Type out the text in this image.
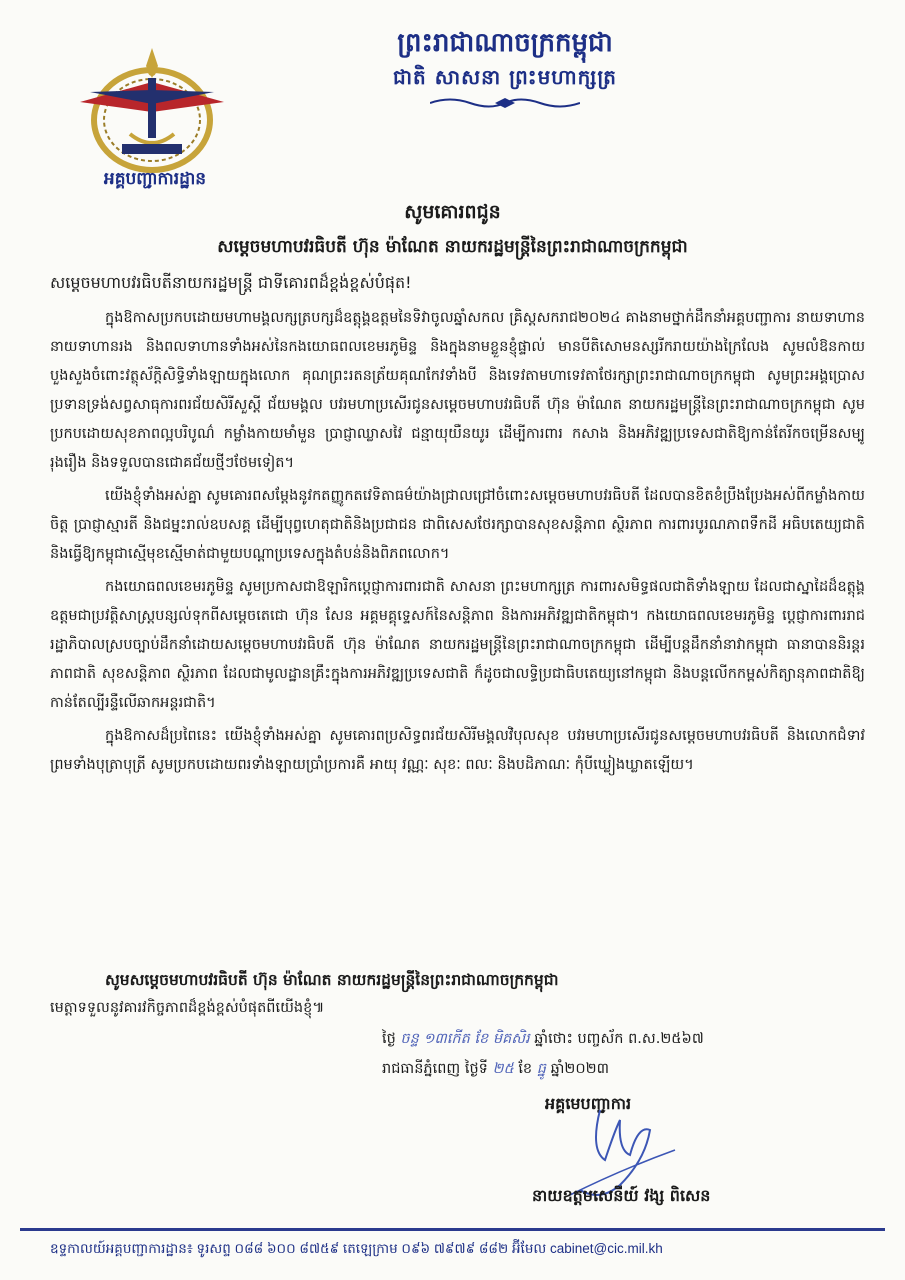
អគ្គបញ្ជាការដ្ឋាន
ព្រះរាជាណាចក្រកម្ពុជា
ជាតិ សាសនា ព្រះមហាក្សត្រ
សូមគោរពជូន
សម្តេចមហាបវរធិបតី ហ៊ុន ម៉ាណែត នាយករដ្ឋមន្ត្រីនៃព្រះរាជាណាចក្រកម្ពុជា
សម្តេចមហាបវរធិបតីនាយករដ្ឋមន្ត្រី ជាទីគោរពដ៏ខ្ពង់ខ្ពស់បំផុត!

ក្នុងឱកាសប្រកបដោយមហាមង្គលក្សត្របក្សដ៏ឧត្តុង្គឧត្តមនៃទិវាចូលឆ្នាំសកល គ្រិស្តសករាជ២០២៤ គាងនាមថ្នាក់ដឹកនាំអគ្គបញ្ជាការ នាយទាហាន នាយទាហានរង និងពលទាហានទាំងអស់នៃកងយោធពលខេមរភូមិន្ទ និងក្នុងនាមខ្លួនខ្ញុំផ្ទាល់ មានបីតិសោមនស្សរីករាយយ៉ាងក្រៃលែង សូមលំឱនកាយបួងសួងចំពោះវត្ថុស័ក្តិសិទ្ធិទាំងឡាយក្នុងលោក គុណព្រះរតនត្រ័យគុណកែវទាំងបី និងទេវតាមហាទេវតាថែរក្សាព្រះរាជាណាចក្រកម្ពុជា សូមព្រះអង្គប្រោសប្រទានទ្រង់សព្វសាធុការពរជ័យសិរីសួស្តី ជ័យមង្គល បវរមហាប្រសើរជូនសម្តេចមហាបវរធិបតី ហ៊ុន ម៉ាណែត នាយករដ្ឋមន្ត្រីនៃព្រះរាជាណាចក្រកម្ពុជា សូមប្រកបដោយសុខភាពល្អបរិបូណ៌ កម្លាំងកាយមាំមួន ប្រាជ្ញាឈ្លាសវៃ ជន្មាយុយឺនយូរ ដើម្បីការពារ កសាង និងអភិវឌ្ឍប្រទេសជាតិឱ្យកាន់តែរីកចម្រើនសម្បូរុងរឿង និងទទួលបានជោគជ័យថ្មីៗថែមទៀត។

យើងខ្ញុំទាំងអស់គ្នា សូមគោរពសម្តែងនូវកតញ្ញូកតវេទិតាធម៌យ៉ាងជ្រាលជ្រៅចំពោះសម្តេចមហាបវរធិបតី ដែលបានខិតខំប្រឹងប្រែងអស់ពីកម្លាំងកាយចិត្ត ប្រាជ្ញាស្មារតី និងជម្នះរាល់ឧបសគ្គ ដើម្បីបុព្វហេតុជាតិនិងប្រជាជន ជាពិសេសថែរក្សាបានសុខសន្តិភាព ស្ថិរភាព ការពារបូរណភាពទឹកដី អធិបតេយ្យជាតិ និងធ្វើឱ្យកម្ពុជាស្មើមុខស្មើមាត់ជាមួយបណ្តាប្រទេសក្នុងតំបន់និងពិភពលោក។

កងយោធពលខេមរភូមិន្ទ សូមប្រកាសជាឱឡារិកប្តេជ្ញាការពារជាតិ សាសនា ព្រះមហាក្សត្រ ការពារសមិទ្ធផលជាតិទាំងឡាយ ដែលជាស្នាដៃដ៏ឧត្តុង្គឧត្តមជាប្រវត្តិសាស្ត្របន្សល់ទុកពីសម្តេចតេជោ ហ៊ុន សែន អគ្គមគ្គុទ្ទេសក៍នៃសន្តិភាព និងការអភិវឌ្ឍជាតិកម្ពុជា។ កងយោធពលខេមរភូមិន្ទ ប្តេជ្ញាការពាររាជរដ្ឋាភិបាលស្របច្បាប់ដឹកនាំដោយសម្តេចមហាបវរធិបតី ហ៊ុន ម៉ាណែត នាយករដ្ឋមន្ត្រីនៃព្រះរាជាណាចក្រកម្ពុជា ដើម្បីបន្តដឹកនាំនាវាកម្ពុជា ធានាបាននិរន្តរភាពជាតិ សុខសន្តិភាព ស្ថិរភាព ដែលជាមូលដ្ឋានគ្រឹះក្នុងការអភិវឌ្ឍប្រទេសជាតិ ក៏ដូចជាលទ្ធិប្រជាធិបតេយ្យនៅកម្ពុជា និងបន្តលើកកម្ពស់កិត្យានុភាពជាតិឱ្យកាន់តែល្បីរន្ទឺលើឆាកអន្តរជាតិ។

ក្នុងឱកាសដ៏ប្រពៃនេះ យើងខ្ញុំទាំងអស់គ្នា សូមគោរពប្រសិទ្ធពរជ័យសិរីមង្គលវិបុលសុខ បវរមហាប្រសើរជូនសម្តេចមហាបវរធិបតី និងលោកជំទាវ ព្រមទាំងបុត្រាបុត្រី សូមប្រកបដោយពរទាំងឡាយប្រាំប្រការគឺ អាយុ វណ្ណៈ សុខៈ ពលៈ និងបដិភាណៈ កុំបីឃ្លៀងឃ្លាតឡើយ។

សូមសម្តេចមហាបវរធិបតី ហ៊ុន ម៉ាណែត នាយករដ្ឋមន្ត្រីនៃព្រះរាជាណាចក្រកម្ពុជា
មេត្តាទទួលនូវគារវកិច្ចភាពដ៏ខ្ពង់ខ្ពស់បំផុតពីយើងខ្ញុំ៕
ថ្ងៃ ចន្ទ ១៣កើត ខែ មិគសិរ ឆ្នាំថោះ បញ្ចស័ក ព.ស.២៥៦៧
រាជធានីភ្នំពេញ ថ្ងៃទី ២៥ ខែ ធ្នូ ឆ្នាំ២០២៣
អគ្គមេបញ្ជាការ
នាយឧត្តមសេនីយ៍ វង្ស ពិសេន
ឧទ្ទកាលយ៍អគ្គបញ្ជាការដ្ឋាន៖ ទូរសព្ទ ០៨៨ ៦០០ ៨៧៥៩ តេឡេក្រាម ០៩៦ ៧៩៧៩ ៨៨២ អ៊ីមែល cabinet@cic.mil.kh
